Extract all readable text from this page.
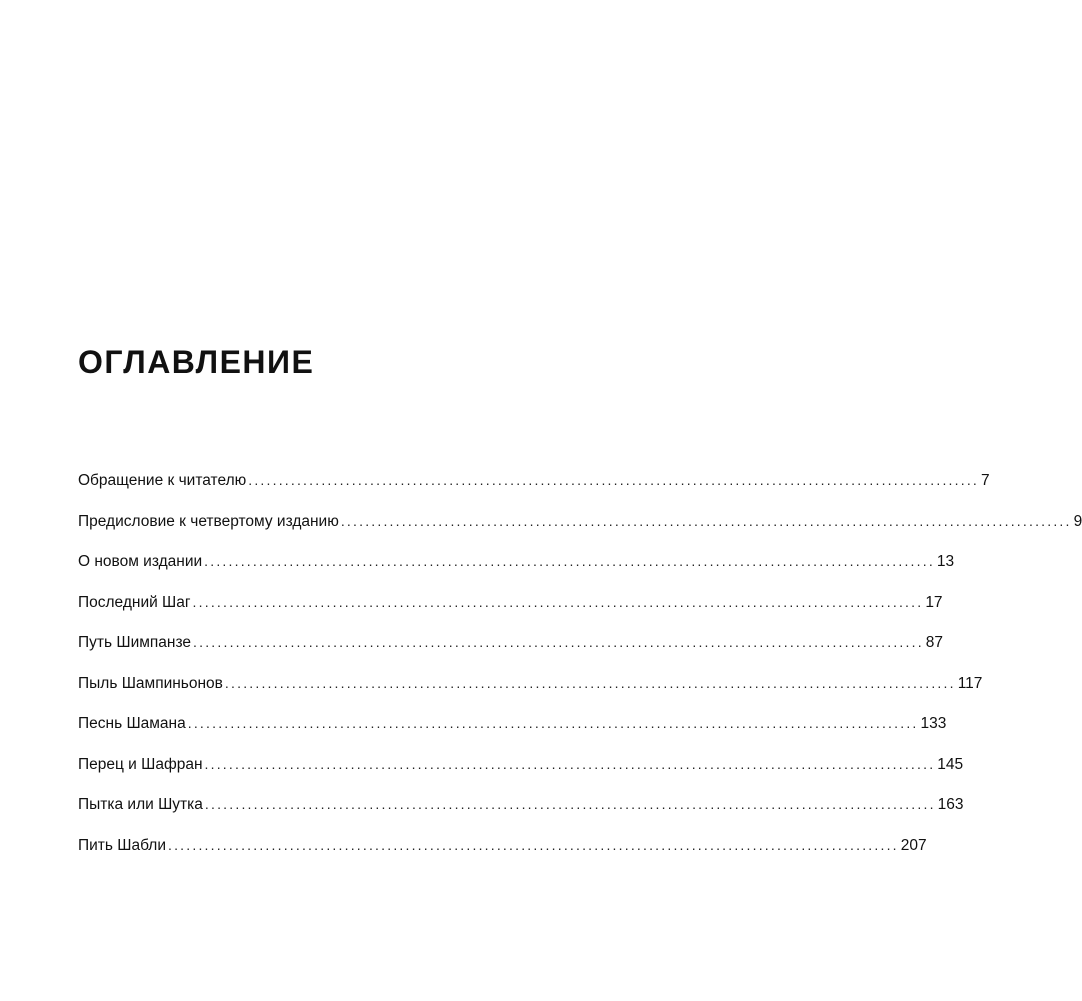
ОГЛАВЛЕНИЕ
Обращение к читателю ........................................................................................................................ 7
Предисловие к четвертому изданию ........................................................................................................................ 9
О новом издании ........................................................................................................................ 13
Последний Шаг ........................................................................................................................ 17
Путь Шимпанзе ........................................................................................................................ 87
Пыль Шампиньонов ........................................................................................................................ 117
Песнь Шамана ........................................................................................................................ 133
Перец и Шафран ........................................................................................................................ 145
Пытка или Шутка ........................................................................................................................ 163
Пить Шабли ........................................................................................................................ 207
